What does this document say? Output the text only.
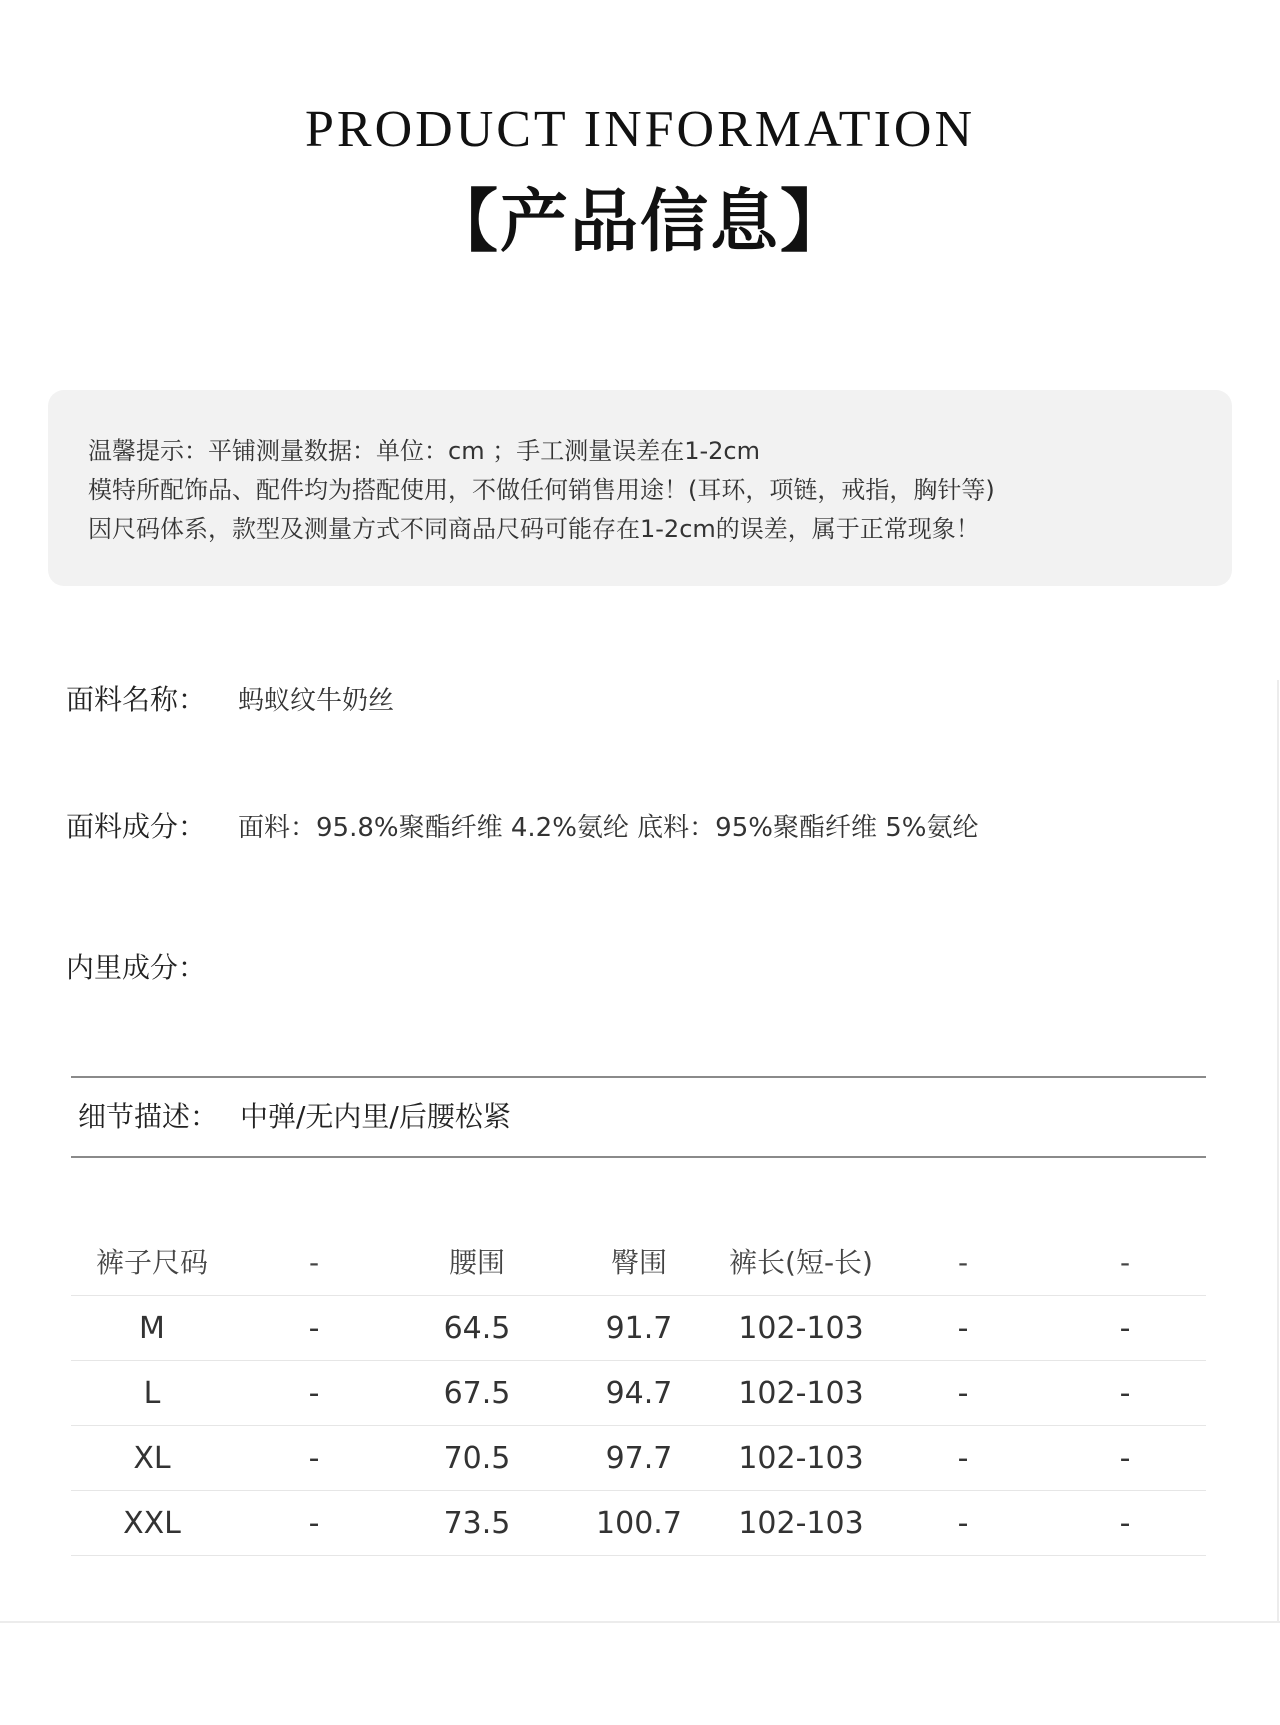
PRODUCT INFORMATION
【产品信息】
温馨提示：平铺测量数据：单位：cm ；手工测量误差在1-2cm
模特所配饰品、配件均为搭配使用，不做任何销售用途！(耳环，项链，戒指，胸针等)
因尺码体系，款型及测量方式不同商品尺码可能存在1-2cm的误差，属于正常现象！
面料名称： 蚂蚁纹牛奶丝
面料成分： 面料：95.8%聚酯纤维 4.2%氨纶 底料：95%聚酯纤维 5%氨纶
内里成分：
细节描述： 中弹/无内里/后腰松紧
裤子尺码	-	腰围	臀围	裤长(短-长)	-	-
M	-	64.5	91.7	102-103	-	-
L	-	67.5	94.7	102-103	-	-
XL	-	70.5	97.7	102-103	-	-
XXL	-	73.5	100.7	102-103	-	-
